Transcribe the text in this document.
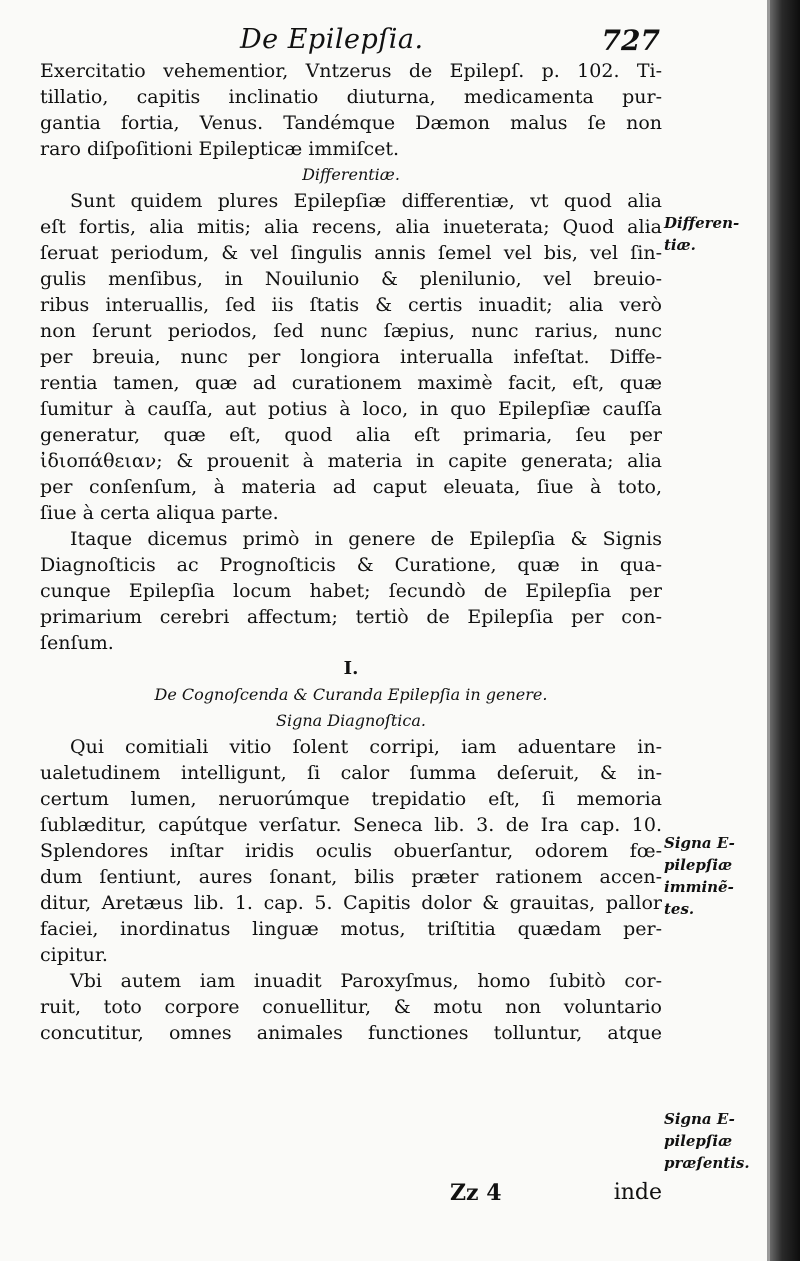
De Epilepſia.	727
Exercitatio vehementior, Vntzerus de Epilepſ. p. 102. Ti-
tillatio, capitis inclinatio diuturna, medicamenta pur-
gantia fortia, Venus. Tandémque Dæmon malus ſe non
raro diſpoſitioni Epilepticæ immiſcet.
Differentiæ.
Sunt quidem plures Epilepſiæ differentiæ, vt quod alia
eſt fortis, alia mitis; alia recens, alia inueterata; Quod alia
ſeruat periodum, & vel ſingulis annis ſemel vel bis, vel ſin-
gulis menſibus, in Nouilunio & plenilunio, vel breuio-
ribus interuallis, ſed iis ſtatis & certis inuadit; alia verò
non ſerunt periodos, ſed nunc ſæpius, nunc rarius, nunc
per breuia, nunc per longiora interualla infeſtat. Diffe-
rentia tamen, quæ ad curationem maximè facit, eſt, quæ
ſumitur à cauſſa, aut potius à loco, in quo Epilepſiæ cauſſa
generatur, quæ eſt, quod alia eſt primaria, ſeu per
ἰδιοπάθειαν; & prouenit à materia in capite generata; alia
per conſenſum, à materia ad caput eleuata, ſiue à toto,
ſiue à certa aliqua parte.
Itaque dicemus primò in genere de Epilepſia & Signis
Diagnoſticis ac Prognoſticis & Curatione, quæ in qua-
cunque Epilepſia locum habet; ſecundò de Epilepſia per
primarium cerebri affectum; tertiò de Epilepſia per con-
ſenſum.
I.
De Cognoſcenda & Curanda Epilepſia in genere.
Signa Diagnoſtica.
Qui comitiali vitio ſolent corripi, iam aduentare in-
ualetudinem intelligunt, ſi calor ſumma deſeruit, & in-
certum lumen, neruorúmque trepidatio eſt, ſi memoria
ſublæditur, capútque verſatur. Seneca lib. 3. de Ira cap. 10.
Splendores inſtar iridis oculis obuerſantur, odorem fœ-
dum ſentiunt, aures ſonant, bilis præter rationem accen-
ditur, Aretæus lib. 1. cap. 5. Capitis dolor & grauitas, pallor
faciei, inordinatus linguæ motus, triſtitia quædam per-
cipitur.
Vbi autem iam inuadit Paroxyſmus, homo ſubitò cor-
ruit, toto corpore conuellitur, & motu non voluntario
concutitur, omnes animales functiones tolluntur, atque
Differen-
tiæ.
Signa E-
pilepſiæ
imminẽ-
tes.
Signa E-
pilepſiæ
præſentis.
Zz 4	inde
